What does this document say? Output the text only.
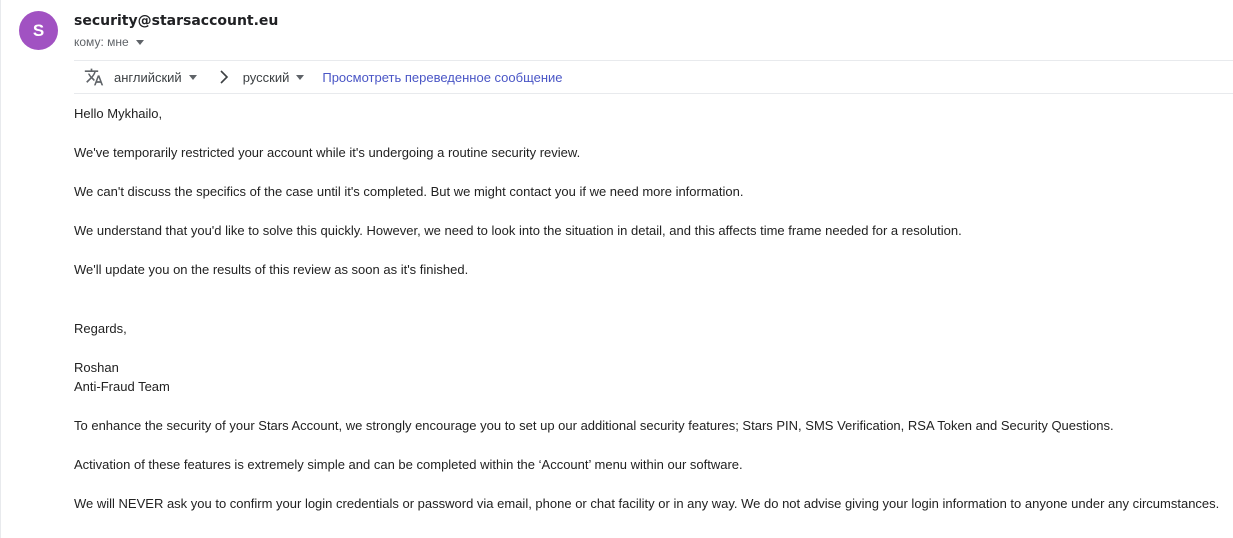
S security@starsaccount.eu
кому: мне
английский	русский	Просмотреть переведенное сообщение

Hello Mykhailo,

We've temporarily restricted your account while it's undergoing a routine security review.

We can't discuss the specifics of the case until it's completed. But we might contact you if we need more information.

We understand that you'd like to solve this quickly. However, we need to look into the situation in detail, and this affects time frame needed for a resolution.

We'll update you on the results of this review as soon as it's finished.

Regards,

Roshan

Anti-Fraud Team

To enhance the security of your Stars Account, we strongly encourage you to set up our additional security features; Stars PIN, SMS Verification, RSA Token and Security Questions.

Activation of these features is extremely simple and can be completed within the ‘Account’ menu within our software.

We will NEVER ask you to confirm your login credentials or password via email, phone or chat facility or in any way. We do not advise giving your login information to anyone under any circumstances.
